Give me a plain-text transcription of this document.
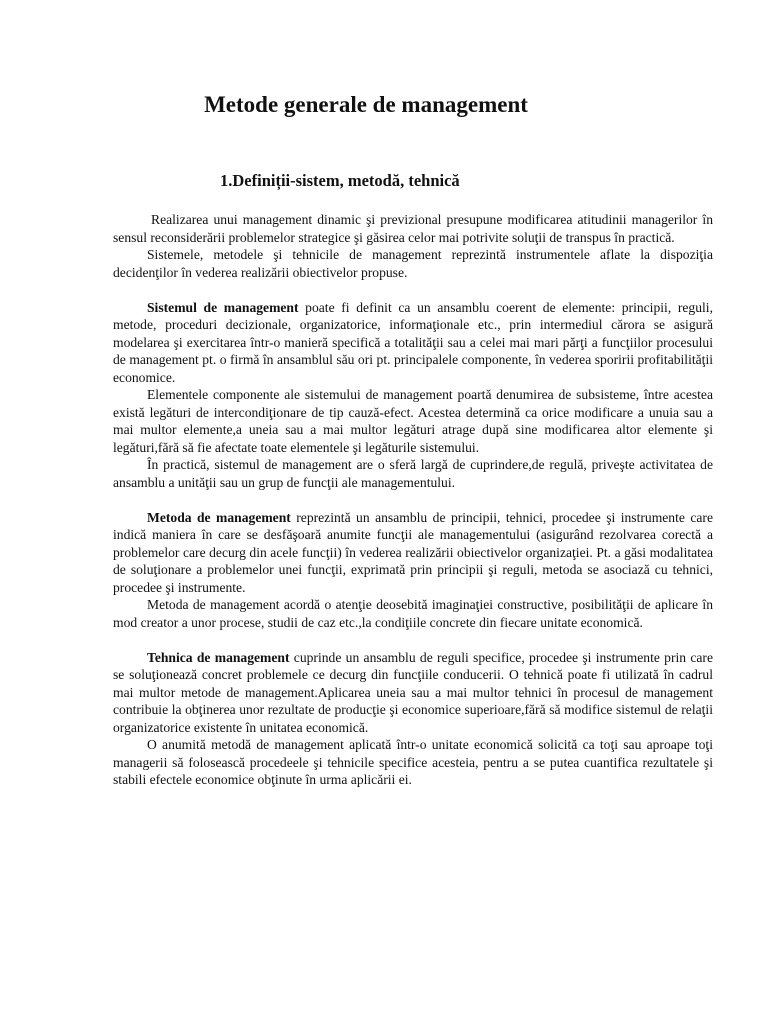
Metode generale de management
1.Definiții-sistem, metodă, tehnică

Realizarea unui management dinamic şi previzional presupune modificarea atitudinii managerilor în sensul reconsiderării problemelor strategice şi găsirea celor mai potrivite soluţii de transpus în practică.

Sistemele, metodele şi tehnicile de management reprezintă instrumentele aflate la dispoziţia decidenţilor în vederea realizării obiectivelor propuse.

Sistemul de management poate fi definit ca un ansamblu coerent de elemente: principii, reguli, metode, proceduri decizionale, organizatorice, informaţionale etc., prin intermediul cărora se asigură modelarea şi exercitarea într-o manieră specifică a totalităţii sau a celei mai mari părţi a funcţiilor procesului de management pt. o firmă în ansamblul său ori pt. principalele componente, în vederea sporirii profitabilităţii economice.

Elementele componente ale sistemului de management poartă denumirea de subsisteme, între acestea există legături de intercondiţionare de tip cauză-efect. Acestea determină ca orice modificare a unuia sau a mai multor elemente,a uneia sau a mai multor legături atrage după sine modificarea altor elemente şi legături,fără să fie afectate toate elementele şi legăturile sistemului.

În practică, sistemul de management are o sferă largă de cuprindere,de regulă, priveşte activitatea de ansamblu a unităţii sau un grup de funcţii ale managementului.

Metoda de management reprezintă un ansamblu de principii, tehnici, procedee şi instrumente care indică maniera în care se desfăşoară anumite funcţii ale managementului (asigurând rezolvarea corectă a problemelor care decurg din acele funcţii) în vederea realizării obiectivelor organizaţiei. Pt. a găsi modalitatea de soluţionare a problemelor unei funcţii, exprimată prin principii şi reguli, metoda se asociază cu tehnici, procedee şi instrumente.

Metoda de management acordă o atenţie deosebită imaginaţiei constructive, posibilităţii de aplicare în mod creator a unor procese, studii de caz etc.,la condiţiile concrete din fiecare unitate economică.

Tehnica de management cuprinde un ansamblu de reguli specifice, procedee şi instrumente prin care se soluţionează concret problemele ce decurg din funcţiile conducerii. O tehnică poate fi utilizată în cadrul mai multor metode de management.Aplicarea uneia sau a mai multor tehnici în procesul de management contribuie la obţinerea unor rezultate de producţie şi economice superioare,fără să modifice sistemul de relaţii organizatorice existente în unitatea economică.

O anumită metodă de management aplicată într-o unitate economică solicită ca toţi sau aproape toţi managerii să folosească procedeele şi tehnicile specifice acesteia, pentru a se putea cuantifica rezultatele şi stabili efectele economice obţinute în urma aplicării ei.
